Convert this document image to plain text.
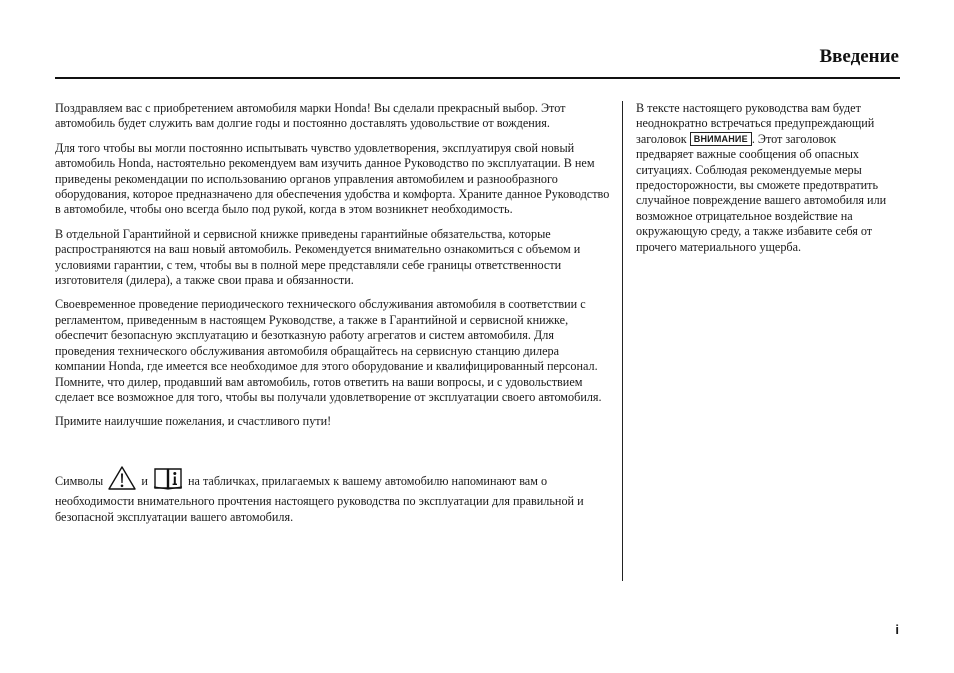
Введение

Поздравляем вас с приобретением автомобиля марки Honda! Вы сделали прекрасный выбор. Этот автомобиль будет служить вам долгие годы и постоянно доставлять удовольствие от вождения.

Для того чтобы вы могли постоянно испытывать чувство удовлетворения, эксплуатируя свой новый автомобиль Honda, настоятельно рекомендуем вам изучить данное Руководство по эксплуатации. В нем приведены рекомендации по использованию органов управления автомобилем и разнообразного оборудования, которое предназначено для обеспечения удобства и комфорта. Храните данное Руководство в автомобиле, чтобы оно всегда было под рукой, когда в этом возникнет необходимость.

В отдельной Гарантийной и сервисной книжке приведены гарантийные обязательства, которые распространяются на ваш новый автомобиль. Рекомендуется внимательно ознакомиться с объемом и условиями гарантии, с тем, чтобы вы в полной мере представляли себе границы ответственности изготовителя (дилера), а также свои права и обязанности.

Своевременное проведение периодического технического обслуживания автомобиля в соответствии с регламентом, приведенным в настоящем Руководстве, а также в Гарантийной и сервисной книжке, обеспечит безопасную эксплуатацию и безотказную работу агрегатов и систем автомобиля. Для проведения технического обслуживания автомобиля обращайтесь на сервисную станцию дилера компании Honda, где имеется все необходимое для этого оборудование и квалифицированный персонал. Помните, что дилер, продавший вам автомобиль, готов ответить на ваши вопросы, и с удовольствием сделает все возможное для того, чтобы вы получали удовлетворение от эксплуатации своего автомобиля.

Примите наилучшие пожелания, и счастливого пути!

Символы	и	на табличках, прилагаемых к вашему автомобилю напоминают вам о необходимости внимательного прочтения настоящего руководства по эксплуатации для правильной и безопасной эксплуатации вашего автомобиля.

В тексте настоящего руководства вам будет неоднократно встречаться предупреждающий заголовок ВНИМАНИЕ . Этот заголовок предваряет важные сообщения об опасных ситуациях. Соблюдая рекомендуемые меры предосторожности, вы сможете предотвратить случайное повреждение вашего автомобиля или возможное отрицательное воздействие на окружающую среду, а также избавите себя от прочего материального ущерба.

i
